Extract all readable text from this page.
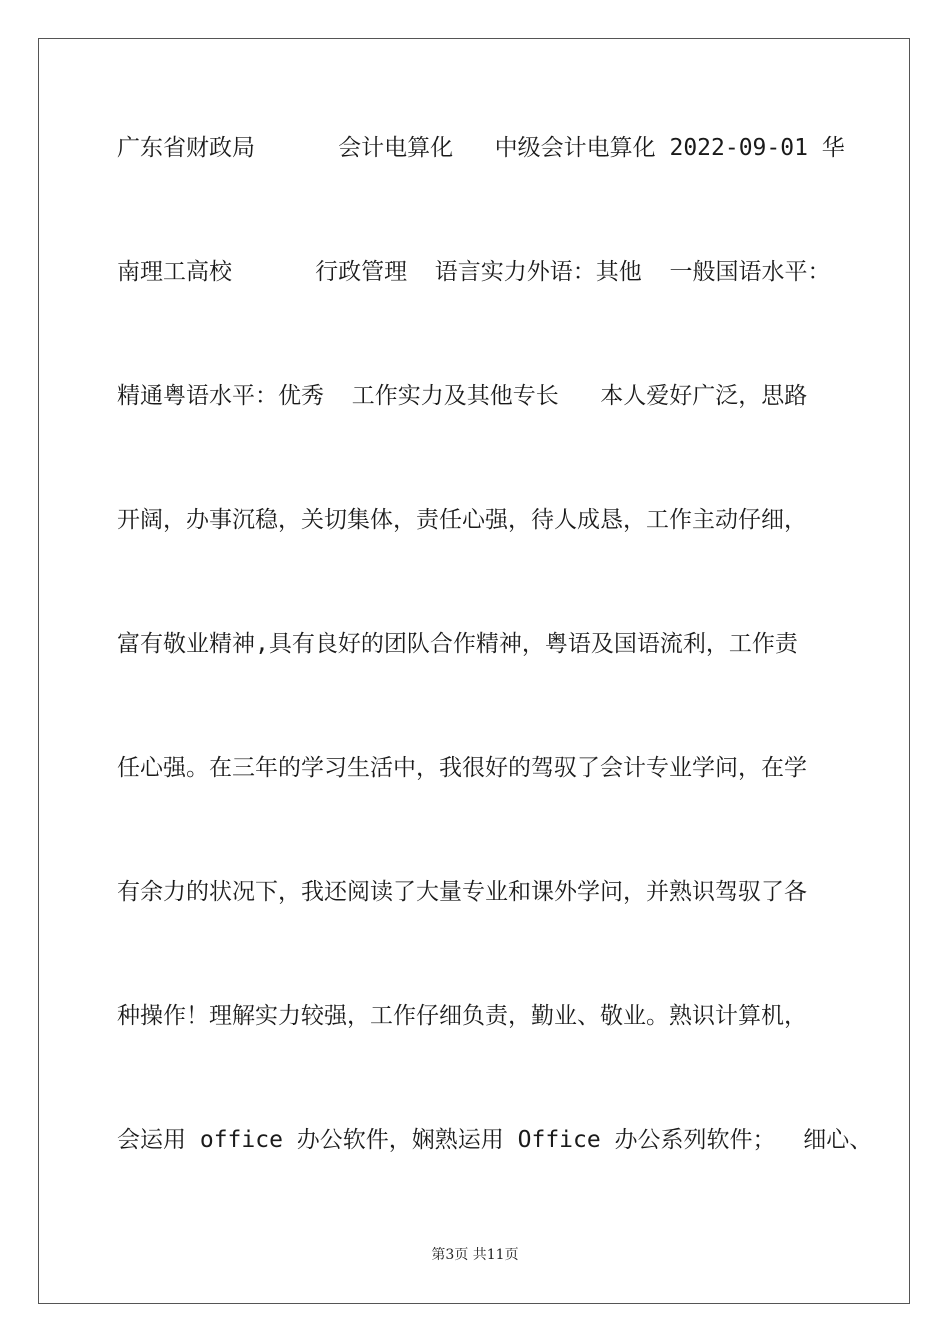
广东省财政局      会计电算化   中级会计电算化 2022-09-01 华
南理工高校      行政管理  语言实力外语：其他  一般国语水平：
精通粤语水平：优秀  工作实力及其他专长   本人爱好广泛，思路
开阔，办事沉稳，关切集体，责任心强，待人成恳，工作主动仔细，
富有敬业精神,具有良好的团队合作精神，粤语及国语流利，工作责
任心强。在三年的学习生活中，我很好的驾驭了会计专业学问，在学
有余力的状况下，我还阅读了大量专业和课外学问，并熟识驾驭了各
种操作！理解实力较强，工作仔细负责，勤业、敬业。熟识计算机，
会运用 office 办公软件，娴熟运用 Office 办公系列软件；  细心、
第3页 共11页
